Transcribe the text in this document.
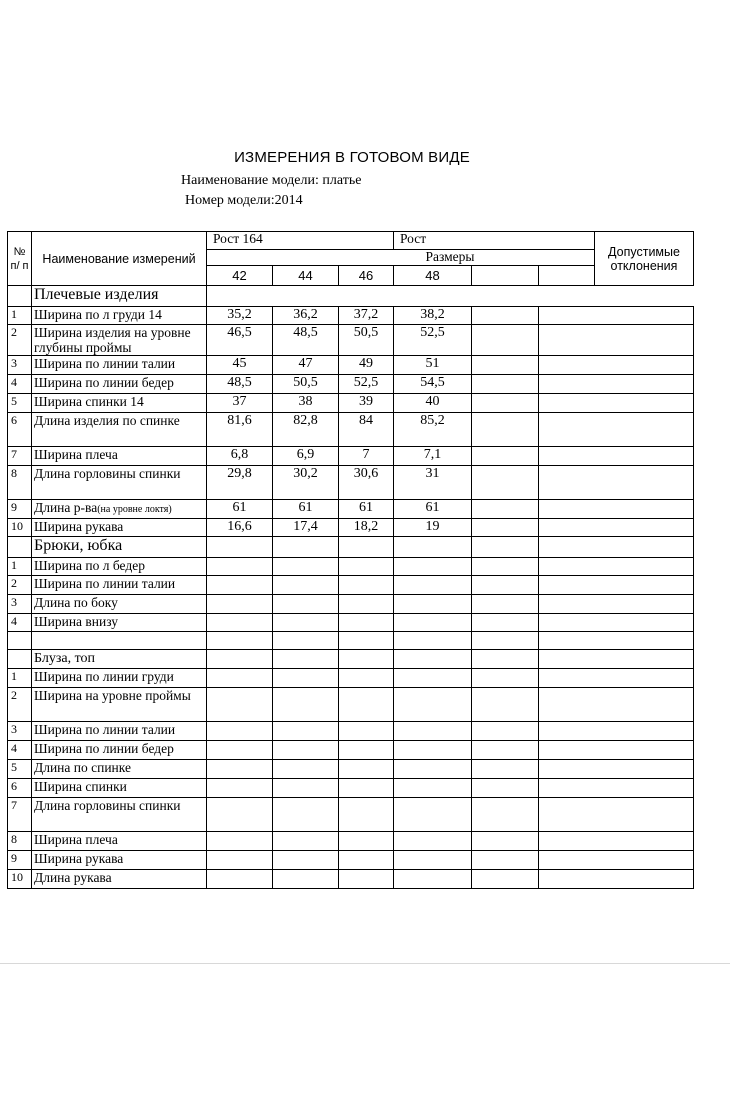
ИЗМЕРЕНИЯ В ГОТОВОМ ВИДЕ
Наименование модели: платье
Номер модели:2014
№ п/ п	Наименование измерений	Рост 164			Рост			Допустимые отклонения	
		Размеры							
		42	44	46	48				
	Плечевые изделия								
1	Ширина по л груди 14	35,2	36,2	37,2	38,2			
2	Ширина изделия на уровне глубины проймы	46,5	48,5	50,5	52,5			
3	Ширина по линии талии	45	47	49	51			
4	Ширина по линии бедер	48,5	50,5	52,5	54,5			
5	Ширина спинки 14	37	38	39	40			
6	Длина изделия по спинке	81,6	82,8	84	85,2			
7	Ширина плеча	6,8	6,9	7	7,1			
8	Длина горловины спинки	29,8	30,2	30,6	31			
9	Длина р-ва(на уровне локтя)	61	61	61	61			
10	Ширина рукава	16,6	17,4	18,2	19			
	Брюки, юбка								
1	Ширина по л бедер							
2	Ширина по линии талии							
3	Длина по боку							
4	Ширина внизу							

	Блуза, топ								
1	Ширина по линии груди							
2	Ширина на уровне проймы							
3	Ширина по линии талии							
4	Ширина по линии бедер							
5	Длина по спинке							
6	Ширина спинки							
7	Длина горловины спинки							
8	Ширина плеча							
9	Ширина рукава							
10	Длина рукава							
